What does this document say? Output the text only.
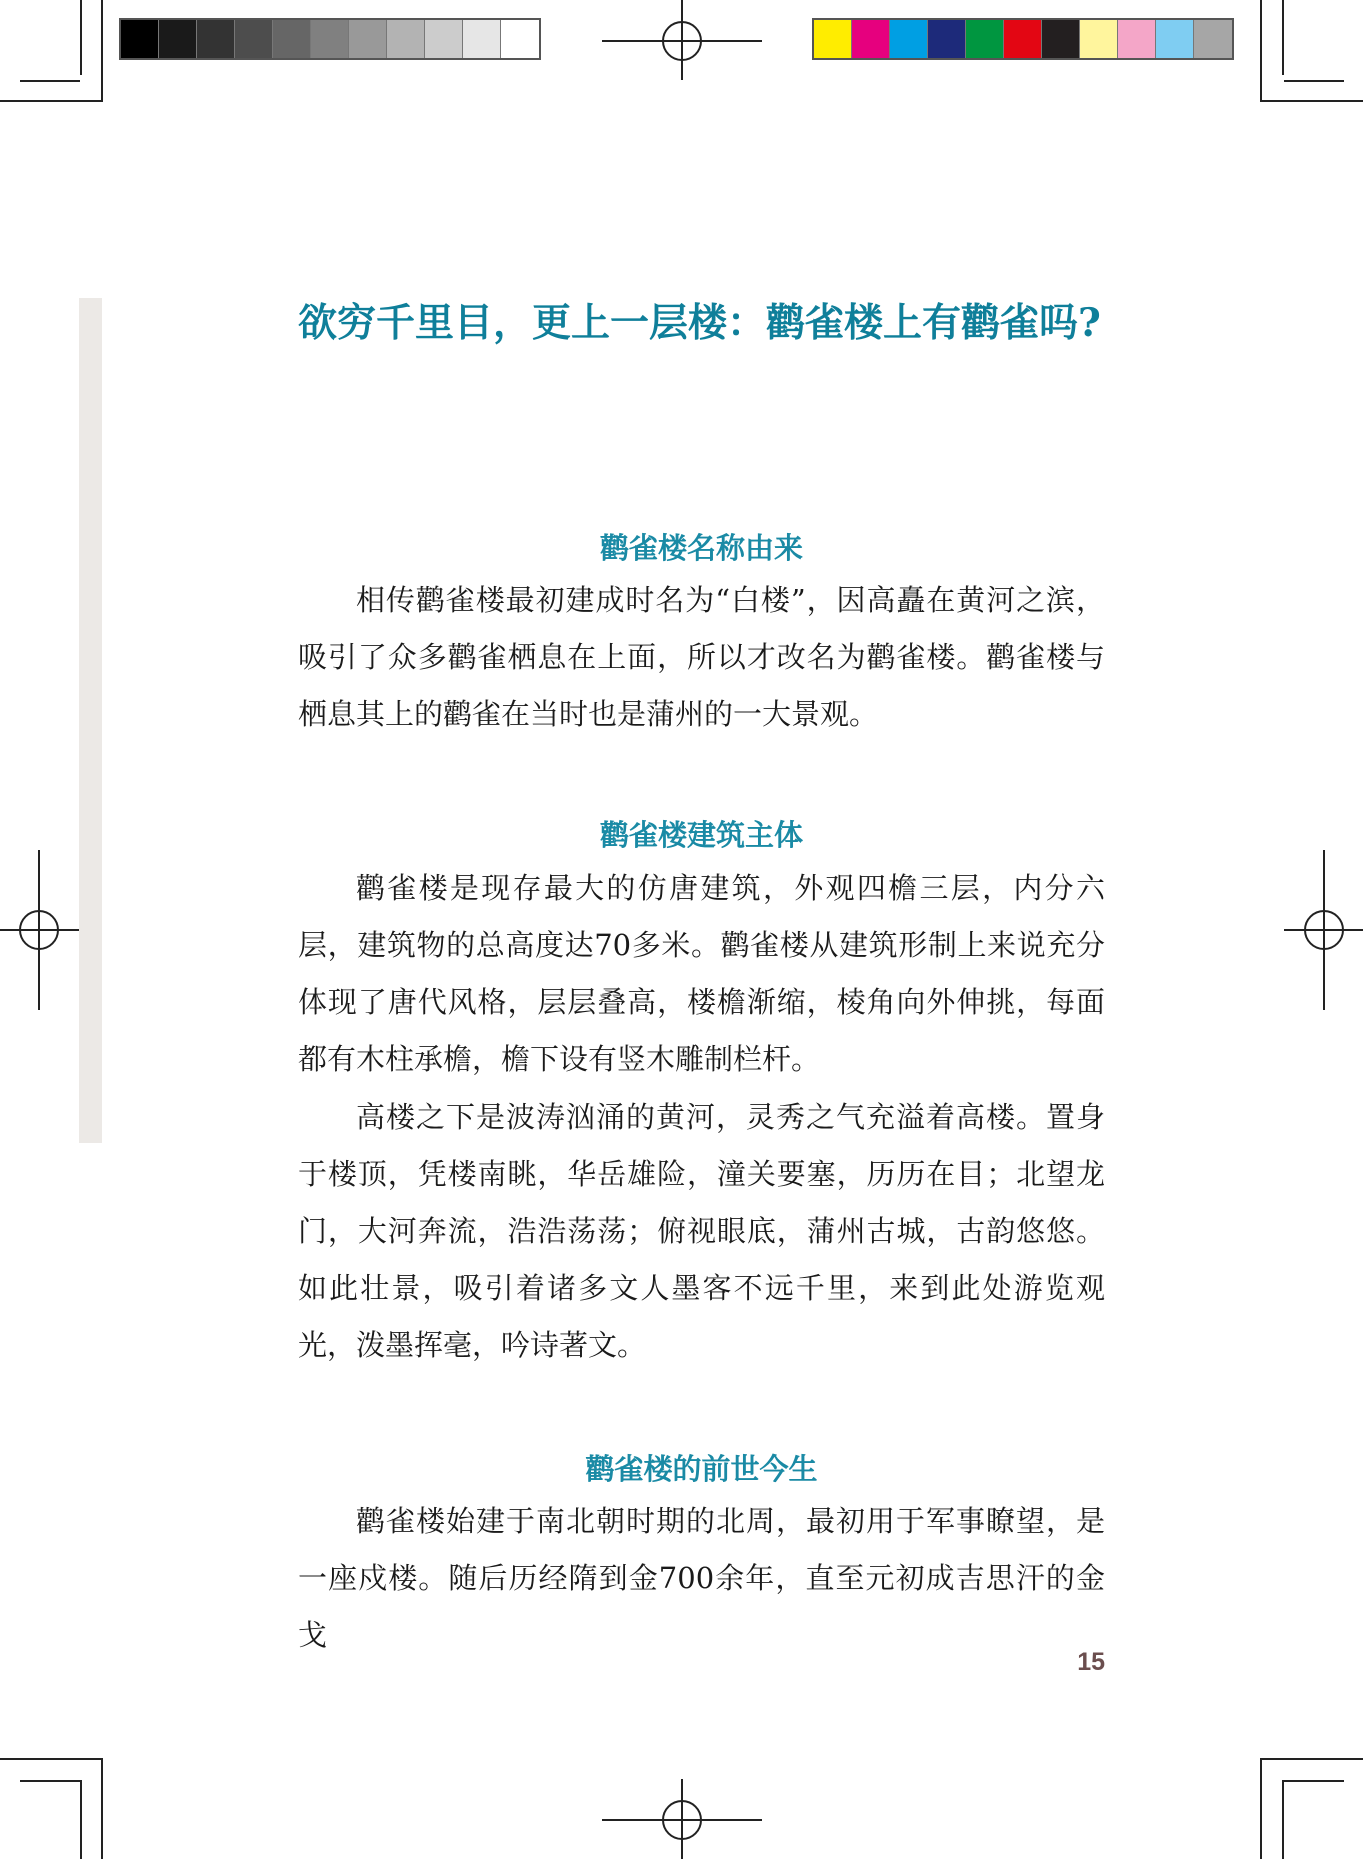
欲穷千里目，更上一层楼：鹳雀楼上有鹳雀吗?
鹳雀楼名称由来

相传鹳雀楼最初建成时名为“白楼”，因高矗在黄河之滨，吸引了众多鹳雀栖息在上面，所以才改名为鹳雀楼。鹳雀楼与栖息其上的鹳雀在当时也是蒲州的一大景观。

鹳雀楼建筑主体

鹳雀楼是现存最大的仿唐建筑，外观四檐三层，内分六层，建筑物的总高度达70多米。鹳雀楼从建筑形制上来说充分体现了唐代风格，层层叠高，楼檐渐缩，棱角向外伸挑，每面都有木柱承檐，檐下设有竖木雕制栏杆。

高楼之下是波涛汹涌的黄河，灵秀之气充溢着高楼。置身于楼顶，凭楼南眺，华岳雄险，潼关要塞，历历在目；北望龙门，大河奔流，浩浩荡荡；俯视眼底，蒲州古城，古韵悠悠。如此壮景，吸引着诸多文人墨客不远千里，来到此处游览观光，泼墨挥毫，吟诗著文。

鹳雀楼的前世今生

鹳雀楼始建于南北朝时期的北周，最初用于军事瞭望，是一座戍楼。随后历经隋到金700余年，直至元初成吉思汗的金戈

15
